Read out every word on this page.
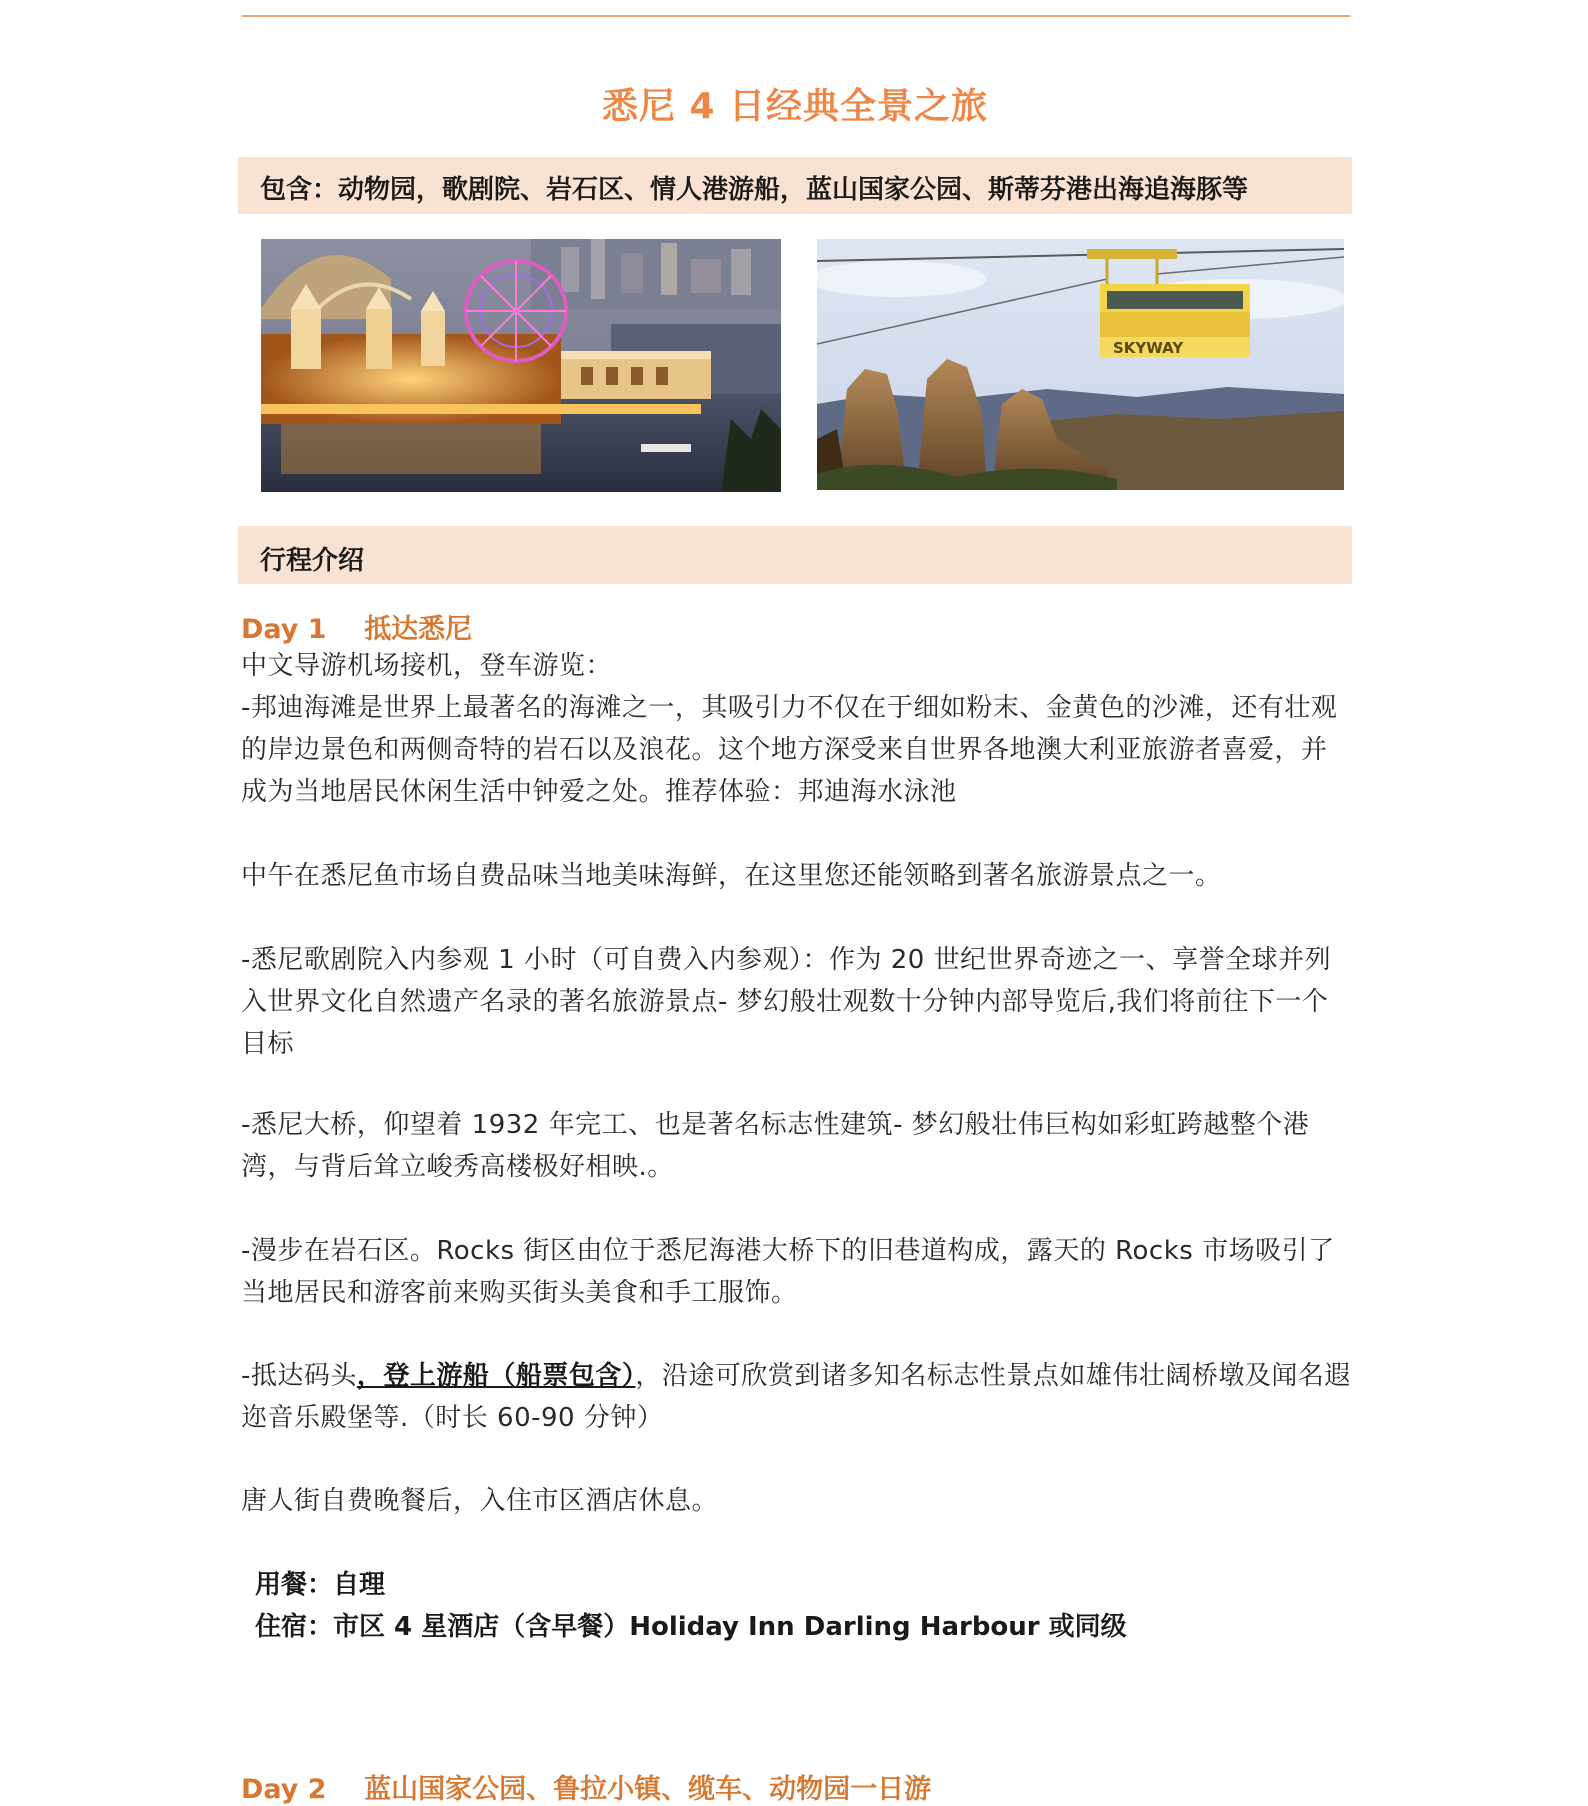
悉尼 4 日经典全景之旅
包含：动物园，歌剧院、岩石区、情人港游船，蓝山国家公园、斯蒂芬港出海追海豚等
SKYWAY
行程介绍
Day 1    抵达悉尼
中文导游机场接机，登车游览：
-邦迪海滩是世界上最著名的海滩之一，其吸引力不仅在于细如粉末、金黄色的沙滩，还有壮观的岸边景色和两侧奇特的岩石以及浪花。这个地方深受来自世界各地澳大利亚旅游者喜爱，并成为当地居民休闲生活中钟爱之处。推荐体验：邦迪海水泳池
中午在悉尼鱼市场自费品味当地美味海鲜，在这里您还能领略到著名旅游景点之一。
-悉尼歌剧院入内参观 1 小时（可自费入内参观）：作为 20 世纪世界奇迹之一、享誉全球并列入世界文化自然遗产名录的著名旅游景点- 梦幻般壮观数十分钟内部导览后,我们将前往下一个目标
-悉尼大桥，仰望着 1932 年完工、也是著名标志性建筑- 梦幻般壮伟巨构如彩虹跨越整个港湾，与背后耸立峻秀高楼极好相映.。
-漫步在岩石区。Rocks 街区由位于悉尼海港大桥下的旧巷道构成，露天的 Rocks 市场吸引了当地居民和游客前来购买街头美食和手工服饰。
-抵达码头，登上游船（船票包含），沿途可欣赏到诸多知名标志性景点如雄伟壮阔桥墩及闻名遐迩音乐殿堡等.（时长 60-90 分钟）
唐人街自费晚餐后，入住市区酒店休息。
用餐：自理
住宿：市区 4 星酒店（含早餐）Holiday Inn Darling Harbour 或同级
Day 2    蓝山国家公园、鲁拉小镇、缆车、动物园一日游
